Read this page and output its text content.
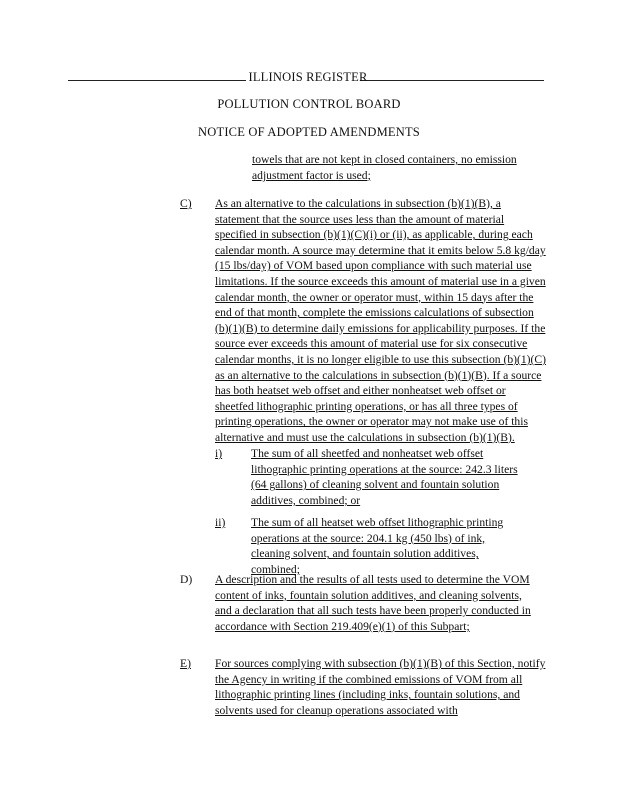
ILLINOIS REGISTER
POLLUTION CONTROL BOARD
NOTICE OF ADOPTED AMENDMENTS
towels that are not kept in closed containers, no emission adjustment factor is used;
C) As an alternative to the calculations in subsection (b)(1)(B), a statement that the source uses less than the amount of material specified in subsection (b)(1)(C)(i) or (ii), as applicable, during each calendar month. A source may determine that it emits below 5.8 kg/day (15 lbs/day) of VOM based upon compliance with such material use limitations. If the source exceeds this amount of material use in a given calendar month, the owner or operator must, within 15 days after the end of that month, complete the emissions calculations of subsection (b)(1)(B) to determine daily emissions for applicability purposes. If the source ever exceeds this amount of material use for six consecutive calendar months, it is no longer eligible to use this subsection (b)(1)(C) as an alternative to the calculations in subsection (b)(1)(B). If a source has both heatset web offset and either nonheatset web offset or sheetfed lithographic printing operations, or has all three types of printing operations, the owner or operator may not make use of this alternative and must use the calculations in subsection (b)(1)(B).
i) The sum of all sheetfed and nonheatset web offset lithographic printing operations at the source: 242.3 liters (64 gallons) of cleaning solvent and fountain solution additives, combined; or
ii) The sum of all heatset web offset lithographic printing operations at the source: 204.1 kg (450 lbs) of ink, cleaning solvent, and fountain solution additives, combined;
D) A description and the results of all tests used to determine the VOM content of inks, fountain solution additives, and cleaning solvents, and a declaration that all such tests have been properly conducted in accordance with Section 219.409(e)(1) of this Subpart;
E) For sources complying with subsection (b)(1)(B) of this Section, notify the Agency in writing if the combined emissions of VOM from all lithographic printing lines (including inks, fountain solutions, and solvents used for cleanup operations associated with
